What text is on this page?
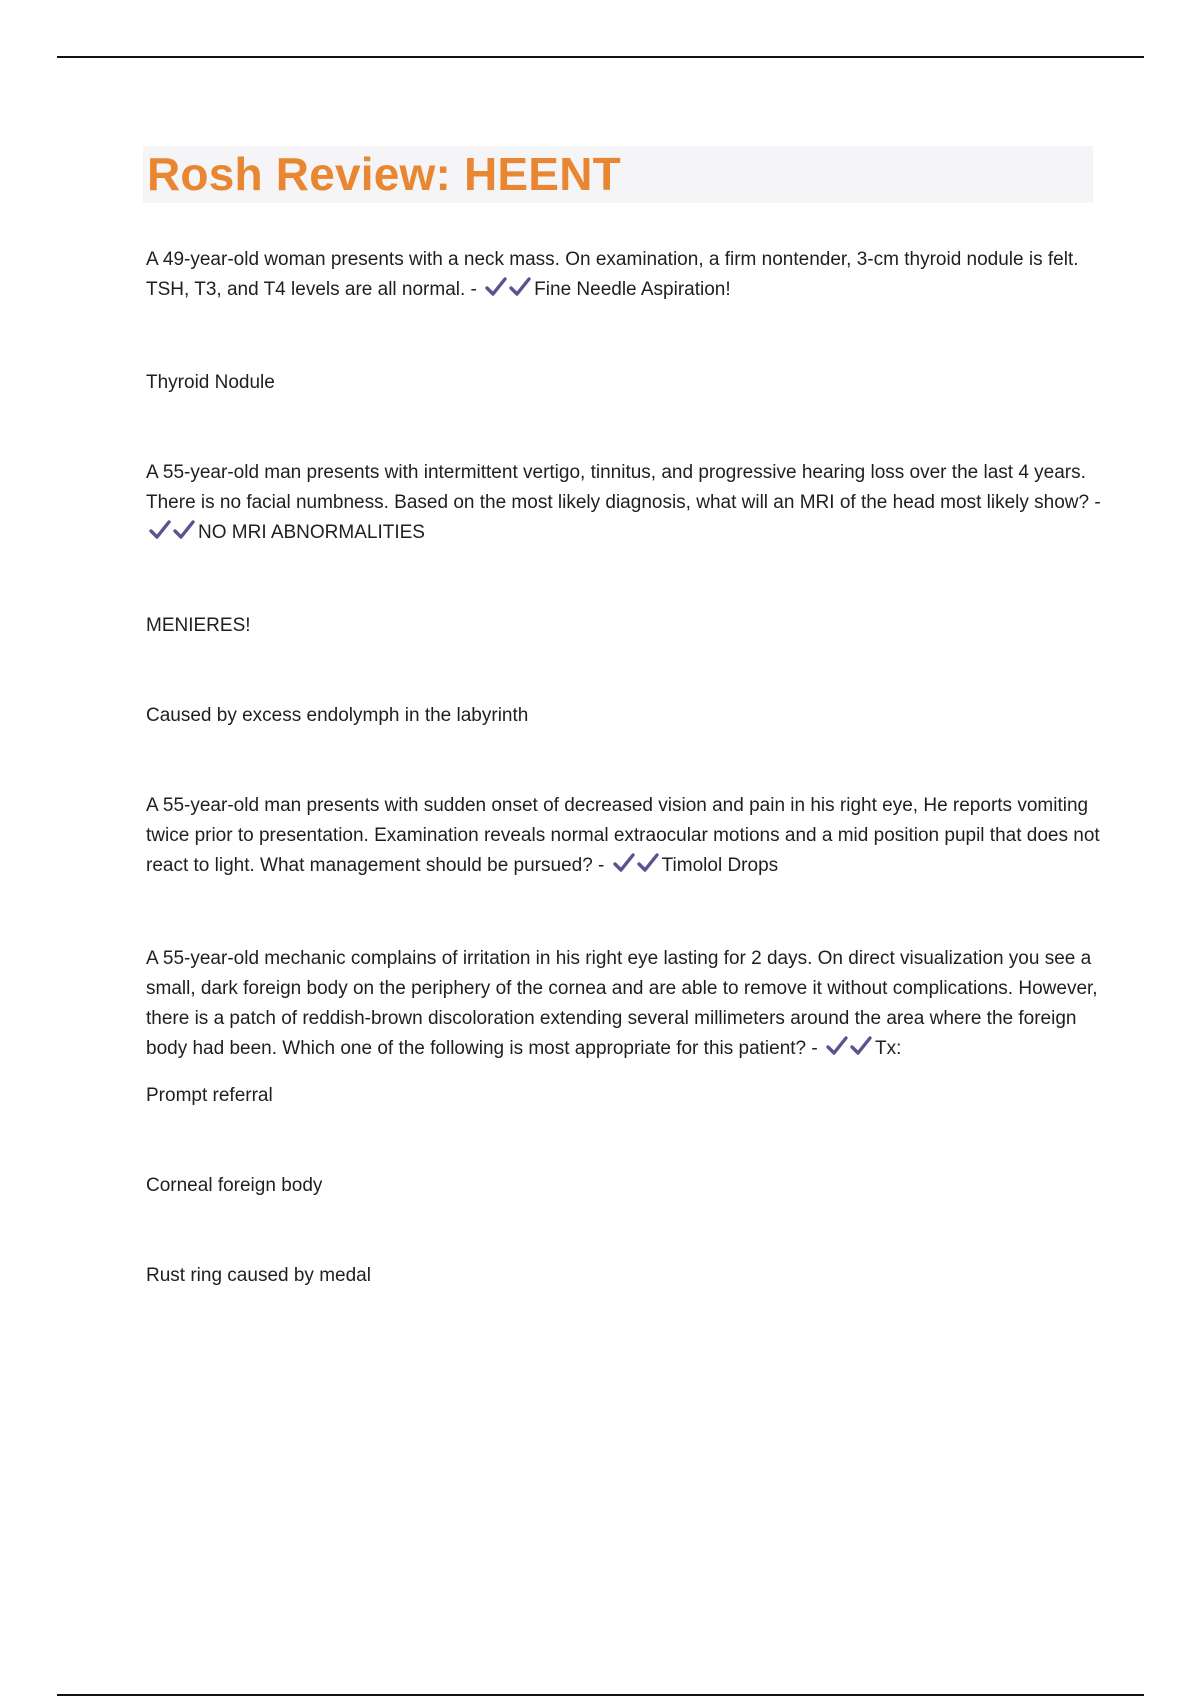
Rosh Review: HEENT

A 49-year-old woman presents with a neck mass. On examination, a firm nontender, 3-cm thyroid nodule is felt. TSH, T3, and T4 levels are all normal. -	Fine Needle Aspiration!

Thyroid Nodule

A 55-year-old man presents with intermittent vertigo, tinnitus, and progressive hearing loss over the last 4 years. There is no facial numbness. Based on the most likely diagnosis, what will an MRI of the head most likely show? -
NO MRI ABNORMALITIES

MENIERES!

Caused by excess endolymph in the labyrinth

A 55-year-old man presents with sudden onset of decreased vision and pain in his right eye, He reports vomiting twice prior to presentation. Examination reveals normal extraocular motions and a mid position pupil that does not react to light. What management should be pursued? -	Timolol Drops

A 55-year-old mechanic complains of irritation in his right eye lasting for 2 days. On direct visualization you see a small, dark foreign body on the periphery of the cornea and are able to remove it without complications. However, there is a patch of reddish-brown discoloration extending several millimeters around the area where the foreign body had been. Which one of the following is most appropriate for this patient? -	Tx:

Prompt referral

Corneal foreign body

Rust ring caused by medal
